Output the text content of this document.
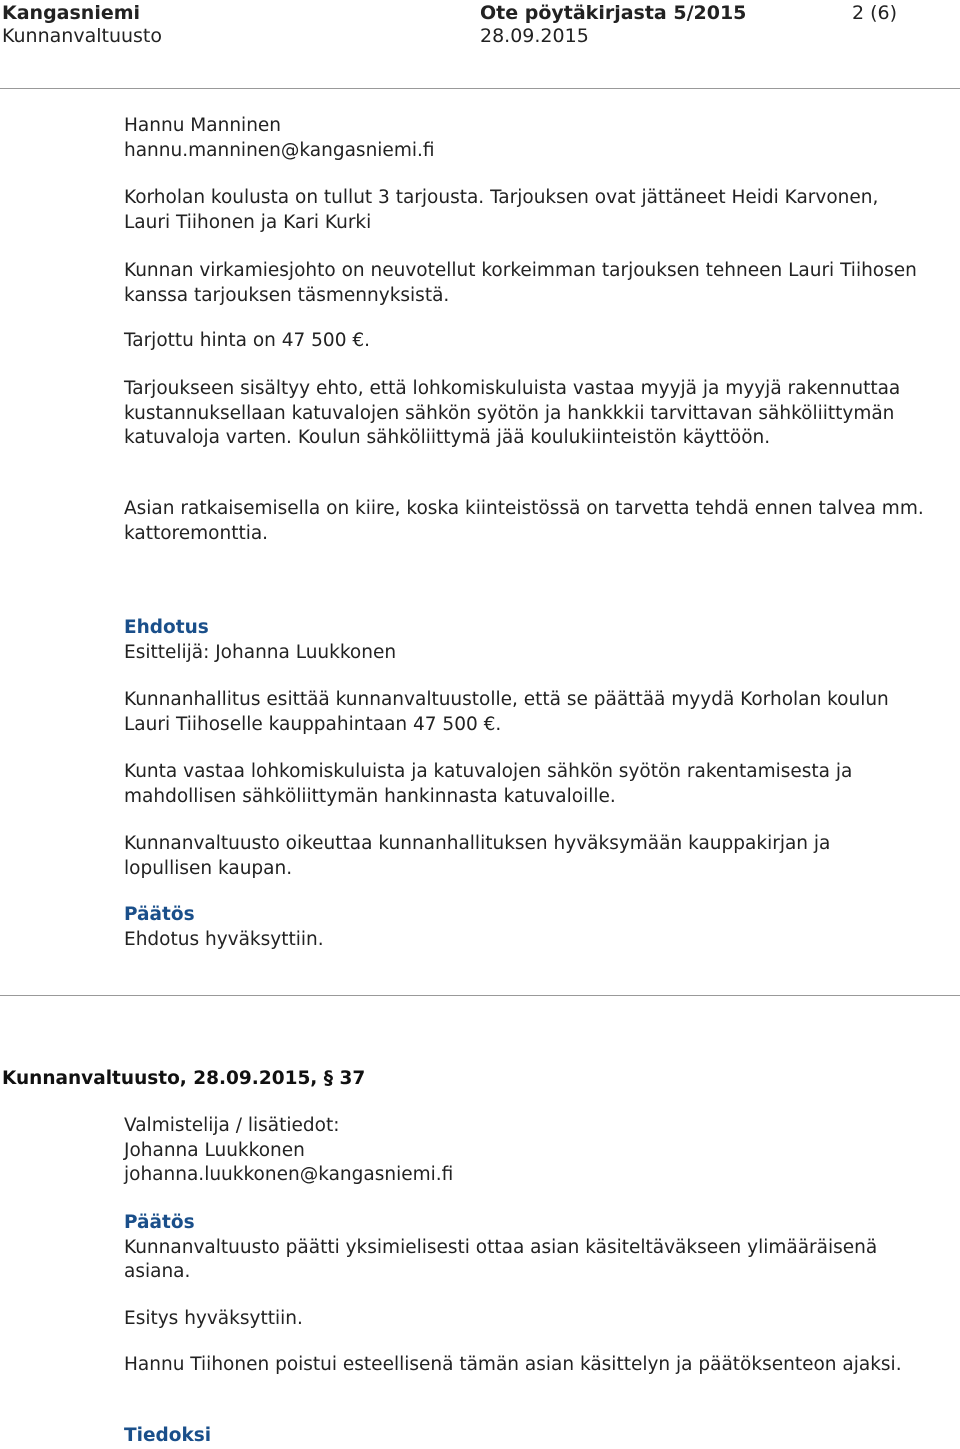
Kangasniemi	Ote pöytäkirjasta 5/2015	2 (6)
Kunnanvaltuusto	28.09.2015

Hannu Manninen

hannu.manninen@kangasniemi.fi

Korholan koulusta on tullut 3 tarjousta. Tarjouksen ovat jättäneet Heidi Karvonen, Lauri Tiihonen ja Kari Kurki

Kunnan virkamiesjohto on neuvotellut korkeimman tarjouksen tehneen Lauri Tiihosen kanssa tarjouksen täsmennyksistä.

Tarjottu hinta on 47 500 €.

Tarjoukseen sisältyy ehto, että lohkomiskuluista vastaa myyjä ja myyjä rakennuttaa kustannuksellaan katuvalojen sähkön syötön ja hankkkii tarvittavan sähköliittymän katuvaloja varten. Koulun sähköliittymä jää koulukiinteistön käyttöön.

Asian ratkaisemisella on kiire, koska kiinteistössä on tarvetta tehdä ennen talvea mm. kattoremonttia.

Ehdotus

Esittelijä: Johanna Luukkonen

Kunnanhallitus esittää kunnanvaltuustolle, että se päättää myydä Korholan koulun Lauri Tiihoselle kauppahintaan 47 500 €.

Kunta vastaa lohkomiskuluista ja katuvalojen sähkön syötön rakentamisesta ja mahdollisen sähköliittymän hankinnasta katuvaloille.

Kunnanvaltuusto oikeuttaa kunnanhallituksen hyväksymään kauppakirjan ja lopullisen kaupan.

Päätös

Ehdotus hyväksyttiin.

Kunnanvaltuusto, 28.09.2015, § 37

Valmistelija / lisätiedot:

Johanna Luukkonen

johanna.luukkonen@kangasniemi.fi

Päätös

Kunnanvaltuusto päätti yksimielisesti ottaa asian käsiteltäväkseen ylimääräisenä asiana.

Esitys hyväksyttiin.

Hannu Tiihonen poistui esteellisenä tämän asian käsittelyn ja päätöksenteon ajaksi.

Tiedoksi
